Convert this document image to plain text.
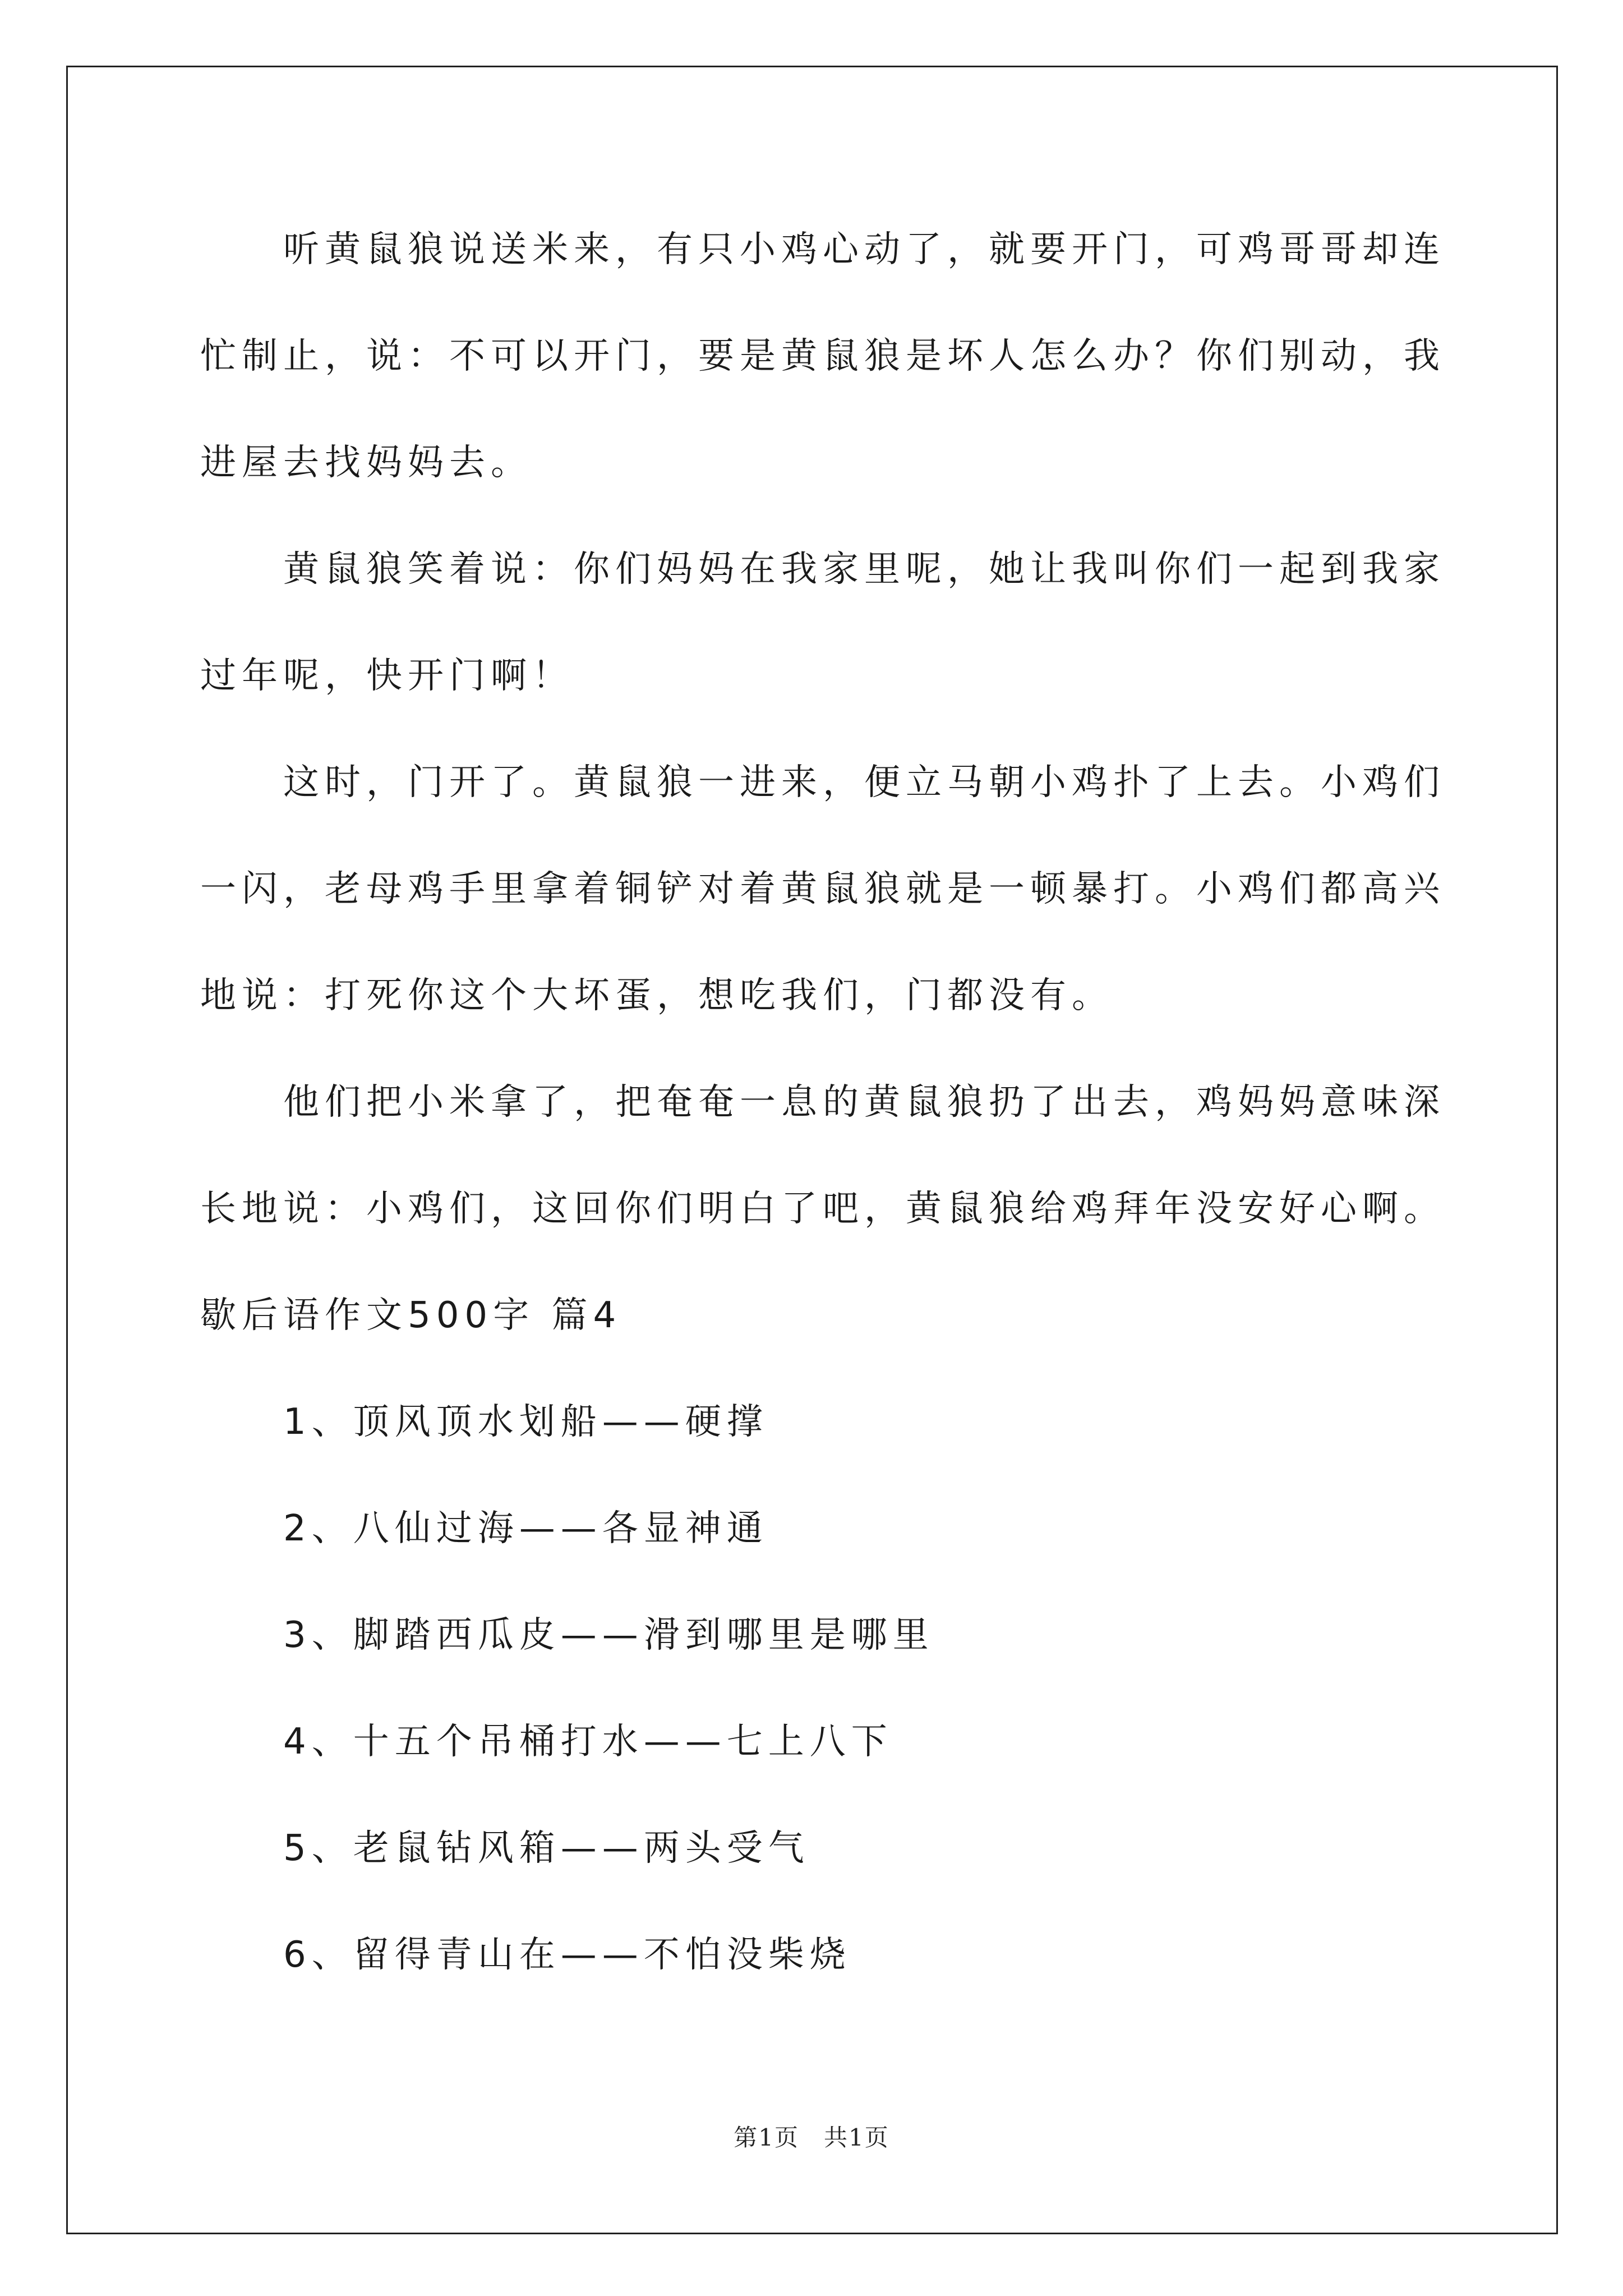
　　听黄鼠狼说送米来，有只小鸡心动了，就要开门，可鸡哥哥却连
忙制止，说：不可以开门，要是黄鼠狼是坏人怎么办？你们别动，我
进屋去找妈妈去。
　　黄鼠狼笑着说：你们妈妈在我家里呢，她让我叫你们一起到我家
过年呢，快开门啊！
　　这时，门开了。黄鼠狼一进来，便立马朝小鸡扑了上去。小鸡们
一闪，老母鸡手里拿着铜铲对着黄鼠狼就是一顿暴打。小鸡们都高兴
地说：打死你这个大坏蛋，想吃我们，门都没有。
　　他们把小米拿了，把奄奄一息的黄鼠狼扔了出去，鸡妈妈意味深
长地说：小鸡们，这回你们明白了吧，黄鼠狼给鸡拜年没安好心啊。
歇后语作文500字 篇4
　　1、顶风顶水划船——硬撑
　　2、八仙过海——各显神通
　　3、脚踏西瓜皮——滑到哪里是哪里
　　4、十五个吊桶打水——七上八下
　　5、老鼠钻风箱——两头受气
　　6、留得青山在——不怕没柴烧
第1页　共1页
